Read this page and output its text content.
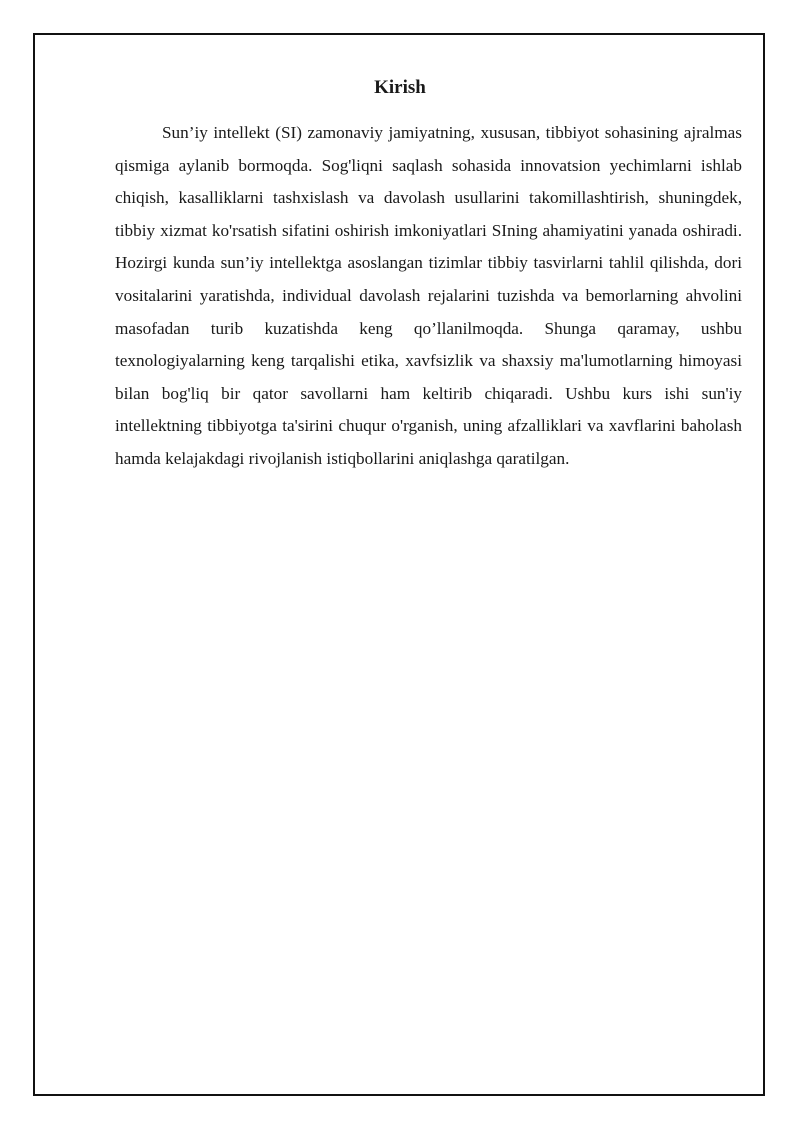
Kirish

Sun’iy intellekt (SI) zamonaviy jamiyatning, xususan, tibbiyot sohasining ajralmas qismiga aylanib bormoqda. Sog'liqni saqlash sohasida innovatsion yechimlarni ishlab chiqish, kasalliklarni tashxislash va davolash usullarini takomillashtirish, shuningdek, tibbiy xizmat ko'rsatish sifatini oshirish imkoniyatlari SIning ahamiyatini yanada oshiradi. Hozirgi kunda sun’iy intellektga asoslangan tizimlar tibbiy tasvirlarni tahlil qilishda, dori vositalarini yaratishda, individual davolash rejalarini tuzishda va bemorlarning ahvolini masofadan turib kuzatishda keng qo’llanilmoqda. Shunga qaramay, ushbu texnologiyalarning keng tarqalishi etika, xavfsizlik va shaxsiy ma'lumotlarning himoyasi bilan bog'liq bir qator savollarni ham keltirib chiqaradi. Ushbu kurs ishi sun'iy intellektning tibbiyotga ta'sirini chuqur o'rganish, uning afzalliklari va xavflarini baholash hamda kelajakdagi rivojlanish istiqbollarini aniqlashga qaratilgan.
